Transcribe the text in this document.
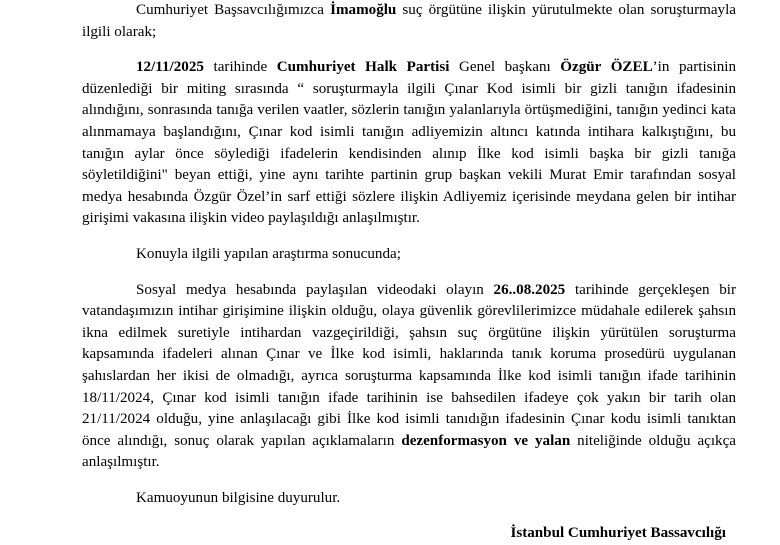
Cumhuriyet Başsavcılığımızca İmamoğlu suç örgütüne ilişkin yürutulmekte olan soruşturmayla ilgili olarak;

12/11/2025 tarihinde Cumhuriyet Halk Partisi Genel başkanı Özgür ÖZEL’in partisinin düzenlediği bir miting sırasında “ soruşturmayla ilgili Çınar Kod isimli bir gizli tanığın ifadesinin alındığını, sonrasında tanığa verilen vaatler, sözlerin tanığın yalanlarıyla örtüşmediğini, tanığın yedinci kata alınmamaya başlandığını, Çınar kod isimli tanığın adliyemizin altıncı katında intihara kalkıştığını, bu tanığın aylar önce söylediği ifadelerin kendisinden alınıp İlke kod isimli başka bir gizli tanığa söyletildiğini" beyan ettiği, yine aynı tarihte partinin grup başkan vekili Murat Emir tarafından sosyal medya hesabında Özgür Özel’in sarf ettiği sözlere ilişkin Adliyemiz içerisinde meydana gelen bir intihar girişimi vakasına ilişkin video paylaşıldığı anlaşılmıştır.

Konuyla ilgili yapılan araştırma sonucunda;

Sosyal medya hesabında paylaşılan videodaki olayın 26..08.2025 tarihinde gerçekleşen bir vatandaşımızın intihar girişimine ilişkin olduğu, olaya güvenlik görevlilerimizce müdahale edilerek şahsın ikna edilmek suretiyle intihardan vazgeçirildiği, şahsın suç örgütüne ilişkin yürütülen soruşturma kapsamında ifadeleri alınan Çınar ve İlke kod isimli, haklarında tanık koruma prosedürü uygulanan şahıslardan her ikisi de olmadığı, ayrıca soruşturma kapsamında İlke kod isimli tanığın ifade tarihinin 18/11/2024, Çınar kod isimli tanığın ifade tarihinin ise bahsedilen ifadeye çok yakın bir tarih olan 21/11/2024 olduğu, yine anlaşılacağı gibi İlke kod isimli tanıdığın ifadesinin Çınar kodu isimli tanıktan önce alındığı, sonuç olarak yapılan açıklamaların dezenformasyon ve yalan niteliğinde olduğu açıkça anlaşılmıştır.

Kamuoyunun bilgisine duyurulur.

İstanbul Cumhuriyet Bassavcılığı
